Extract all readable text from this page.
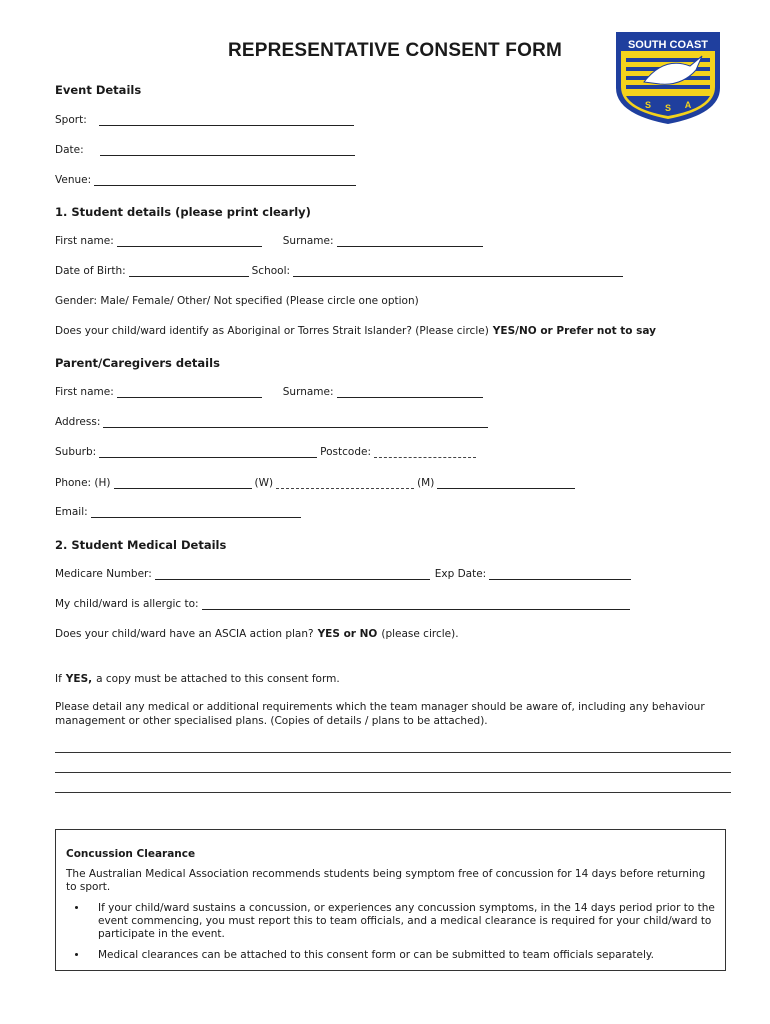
REPRESENTATIVE CONSENT FORM	SOUTH COAST
S S A
Event Details
Sport:
Date:
Venue:
1. Student details (please print clearly)
First name:	Surname:
Date of Birth:	School:
Gender: Male/ Female/ Other/ Not specified (Please circle one option)
Does your child/ward identify as Aboriginal or Torres Strait Islander? (Please circle) YES/NO or Prefer not to say
Parent/Caregivers details
First name:	Surname:
Address:
Suburb:	Postcode:
Phone: (H)	(W)	(M)
Email:
2. Student Medical Details
Medicare Number:	Exp Date:
My child/ward is allergic to:
Does your child/ward have an ASCIA action plan? YES or NO (please circle).
If YES, a copy must be attached to this consent form.
Please detail any medical or additional requirements which the team manager should be aware of, including any behaviour management or other specialised plans. (Copies of details / plans to be attached).
Concussion Clearance
The Australian Medical Association recommends students being symptom free of concussion for 14 days before returning to sport.
• If your child/ward sustains a concussion, or experiences any concussion symptoms, in the 14 days period prior to the event commencing, you must report this to team officials, and a medical clearance is required for your child/ward to participate in the event.
• Medical clearances can be attached to this consent form or can be submitted to team officials separately.
